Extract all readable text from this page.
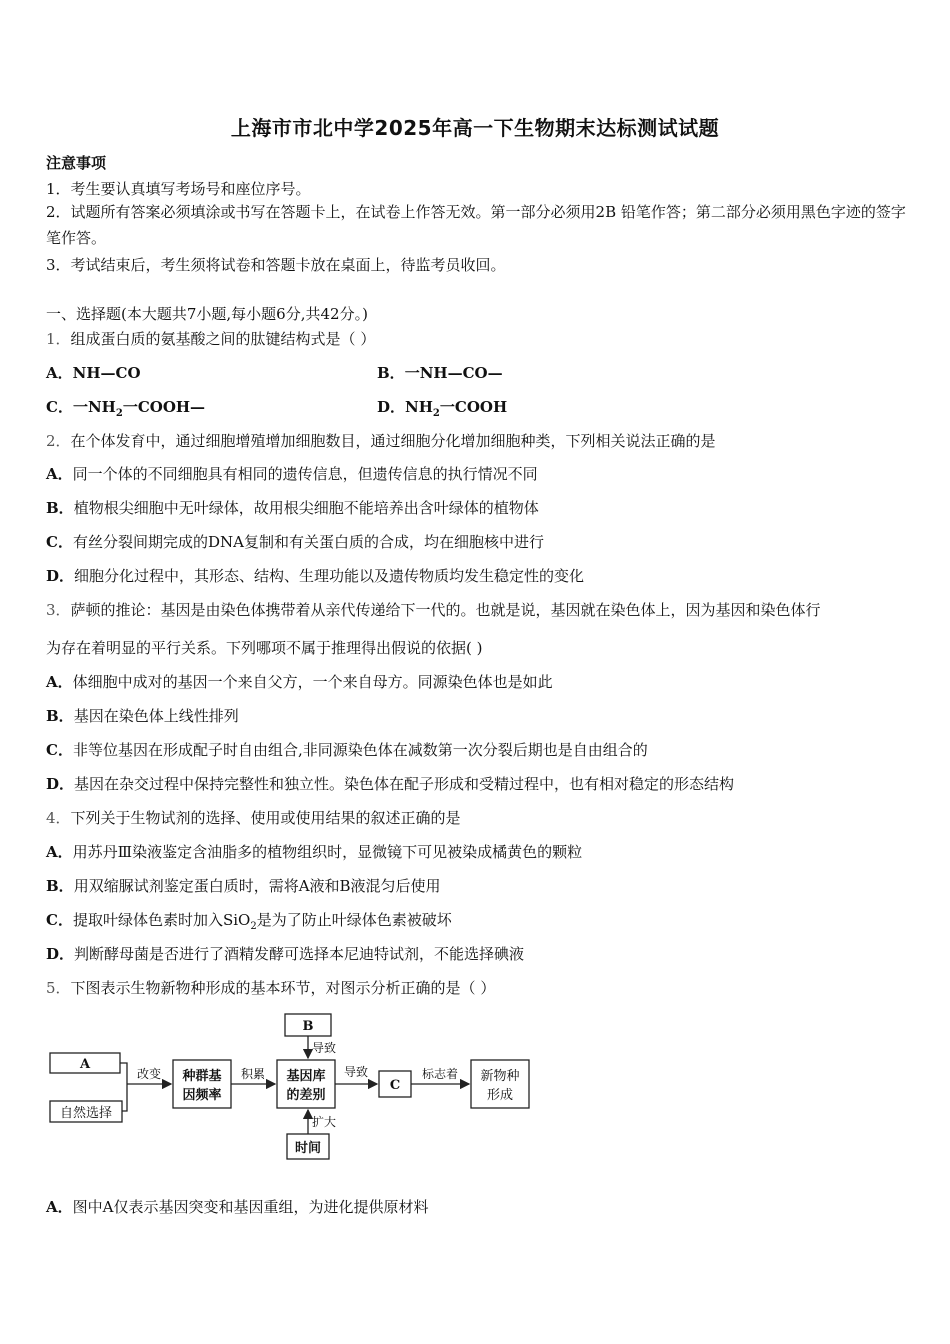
上海市市北中学2025年高一下生物期末达标测试试题
注意事项
1．考生要认真填写考场号和座位序号。
2．试题所有答案必须填涂或书写在答题卡上，在试卷上作答无效。第一部分必须用2B 铅笔作答；第二部分必须用黑色字迹的签字笔作答。
3．考试结束后，考生须将试卷和答题卡放在桌面上，待监考员收回。
一、选择题(本大题共7小题,每小题6分,共42分。)
1．组成蛋白质的氨基酸之间的肽键结构式是（ ）
A．NH—CO	B．一NH—CO—
C．一$NH_2$一COOH—	D．$NH_2$一COOH
2．在个体发育中，通过细胞增殖增加细胞数目，通过细胞分化增加细胞种类，下列相关说法正确的是
A．同一个体的不同细胞具有相同的遗传信息，但遗传信息的执行情况不同
B．植物根尖细胞中无叶绿体，故用根尖细胞不能培养出含叶绿体的植物体
C．有丝分裂间期完成的DNA复制和有关蛋白质的合成，均在细胞核中进行
D．细胞分化过程中，其形态、结构、生理功能以及遗传物质均发生稳定性的变化
3．萨顿的推论：基因是由染色体携带着从亲代传递给下一代的。也就是说，基因就在染色体上，因为基因和染色体行
为存在着明显的平行关系。下列哪项不属于推理得出假说的依据( )
A．体细胞中成对的基因一个来自父方，一个来自母方。同源染色体也是如此
B．基因在染色体上线性排列
C．非等位基因在形成配子时自由组合,非同源染色体在减数第一次分裂后期也是自由组合的
D．基因在杂交过程中保持完整性和独立性。染色体在配子形成和受精过程中，也有相对稳定的形态结构
4．下列关于生物试剂的选择、使用或使用结果的叙述正确的是
A．用苏丹Ⅲ染液鉴定含油脂多的植物组织时，显微镜下可见被染成橘黄色的颗粒
B．用双缩脲试剂鉴定蛋白质时，需将A液和B液混匀后使用
C．提取叶绿体色素时加入SiO$_2$是为了防止叶绿体色素被破坏
D．判断酵母菌是否进行了酒精发酵可选择本尼迪特试剂，不能选择碘液
5．下图表示生物新物种形成的基本环节，对图示分析正确的是（ ）
A
自然选择
改变 种群基
因频率
积累
B
导致
基因库
的差别
导致
C
标志着 新物种
形成
扩大
时间
A．图中A仅表示基因突变和基因重组，为进化提供原材料
